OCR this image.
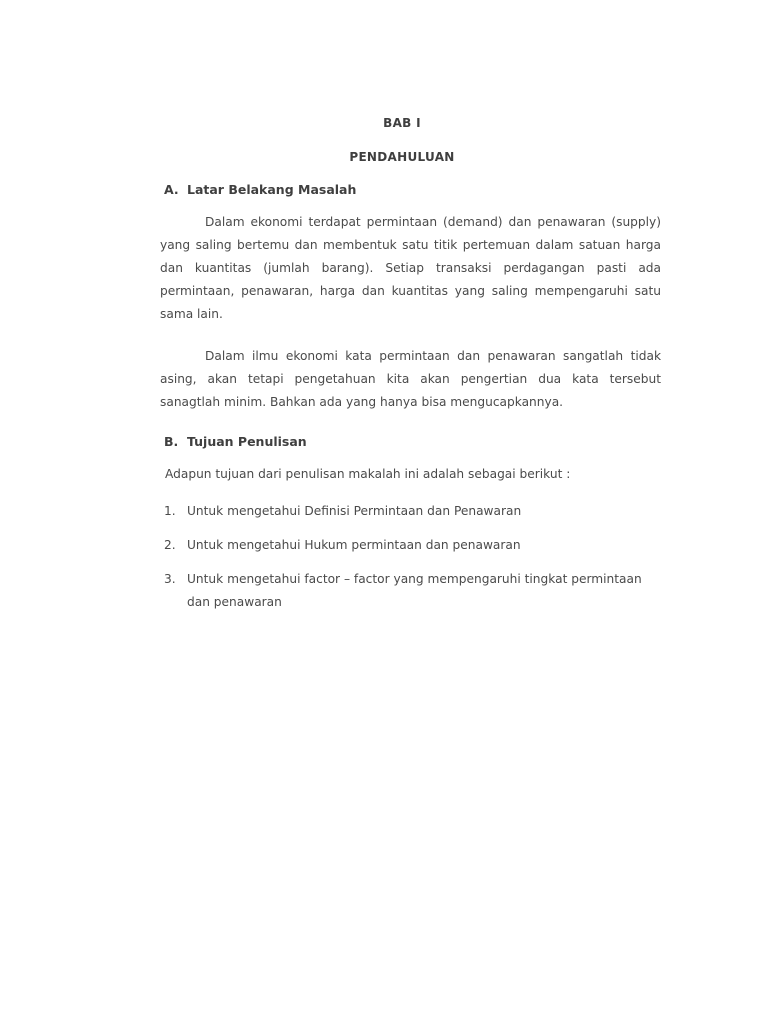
BAB I
PENDAHULUAN
A. Latar Belakang Masalah

Dalam ekonomi terdapat permintaan (demand) dan penawaran (supply) yang saling bertemu dan membentuk satu titik pertemuan dalam satuan harga dan kuantitas (jumlah barang). Setiap transaksi perdagangan pasti ada permintaan, penawaran, harga dan kuantitas yang saling mempengaruhi satu sama lain.

Dalam ilmu ekonomi kata permintaan dan penawaran sangatlah tidak asing, akan tetapi pengetahuan kita akan pengertian dua kata tersebut sanagtlah minim. Bahkan ada yang hanya bisa mengucapkannya.

B. Tujuan Penulisan
Adapun tujuan dari penulisan makalah ini adalah sebagai berikut :
1. Untuk mengetahui Definisi Permintaan dan Penawaran
2. Untuk mengetahui Hukum permintaan dan penawaran
3. Untuk mengetahui factor – factor yang mempengaruhi tingkat permintaan dan penawaran
